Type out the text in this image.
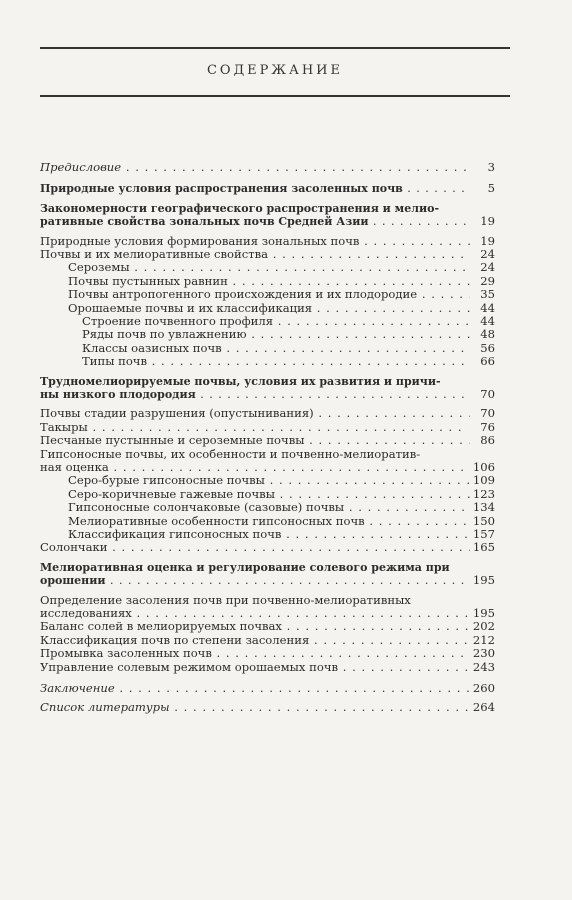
СОДЕРЖАНИЕ
Предисловие . .	3
Природные условия распространения засоленных почв . .	5
Закономерности географического распространения и мелио-
ративные свойства зональных почв Средней Азии . .	19
Природные условия формирования зональных почв . .	19
Почвы и их мелиоративные свойства . .	24
Сероземы . .	24
Почвы пустынных равнин . .	29
Почвы антропогенного происхождения и их плодородие . .	35
Орошаемые почвы и их классификация . .	44
Строение почвенного профиля . .	44
Ряды почв по увлажнению . .	48
Классы оазисных почв . .	56
Типы почв . .	66
Трудномелиорируемые почвы, условия их развития и причи-
ны низкого плодородия . .	70
Почвы стадии разрушения (опустынивания) . .	70
Такыры . .	76
Песчаные пустынные и сероземные почвы . .	86
Гипсоносные почвы, их особенности и почвенно-мелиоратив-
ная оценка . .	106
Серо-бурые гипсоносные почвы . .	109
Серо-коричневые гажевые почвы . .	123
Гипсоносные солончаковые (сазовые) почвы . .	134
Мелиоративные особенности гипсоносных почв . .	150
Классификация гипсоносных почв . .	157
Солончаки . .	165
Мелиоративная оценка и регулирование солевого режима при
орошении . .	195
Определение засоления почв при почвенно-мелиоративных
исследованиях . .	195
Баланс солей в мелиорируемых почвах . .	202
Классификация почв по степени засоления . .	212
Промывка засоленных почв . .	230
Управление солевым режимом орошаемых почв . .	243
Заключение . .	260
Список литературы . .	264
